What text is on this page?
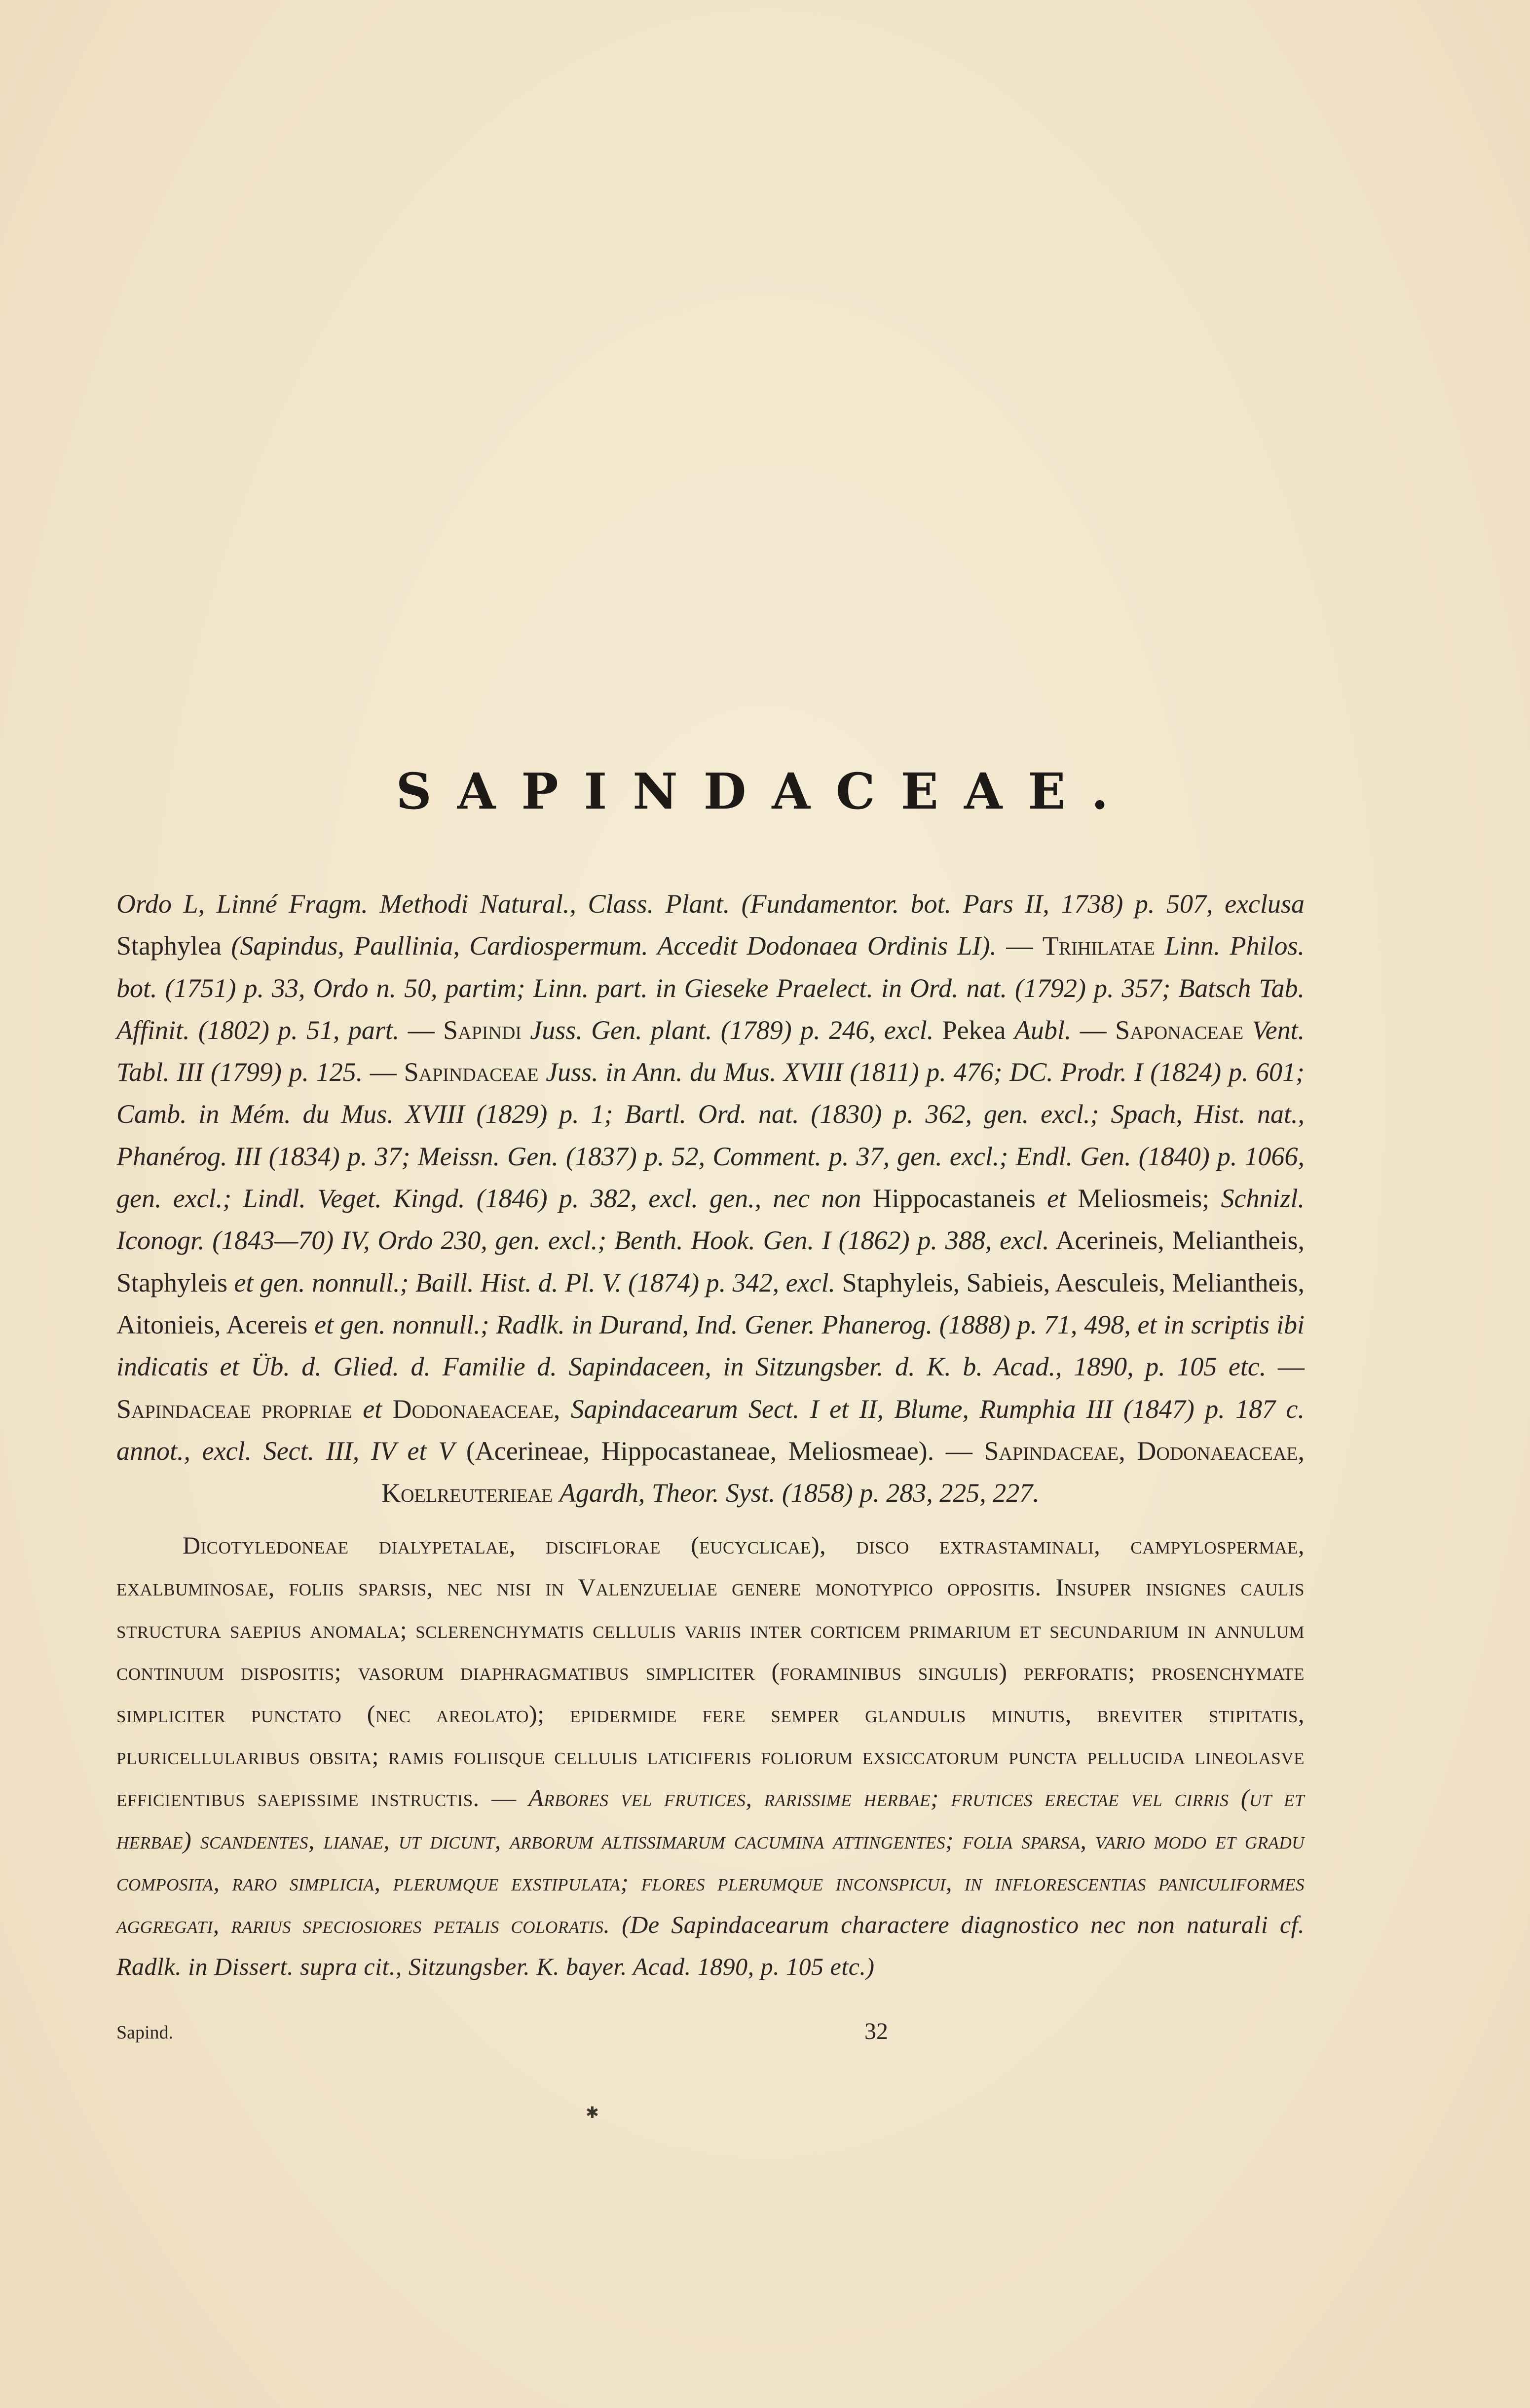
SAPINDACEAE.
Ordo L, Linné Fragm. Methodi Natural., Class. Plant. (Fundamentor. bot. Pars II, 1738) p. 507, exclusa Staphylea (Sapindus, Paullinia, Cardiospermum. Accedit Dodonaea Ordinis LI). — Trihilatae Linn. Philos. bot. (1751) p. 33, Ordo n. 50, partim; Linn. part. in Gieseke Praelect. in Ord. nat. (1792) p. 357; Batsch Tab. Affinit. (1802) p. 51, part. — Sapindi Juss. Gen. plant. (1789) p. 246, excl. Pekea Aubl. — Saponaceae Vent. Tabl. III (1799) p. 125. — Sapindaceae Juss. in Ann. du Mus. XVIII (1811) p. 476; DC. Prodr. I (1824) p. 601; Camb. in Mém. du Mus. XVIII (1829) p. 1; Bartl. Ord. nat. (1830) p. 362, gen. excl.; Spach, Hist. nat., Phanérog. III (1834) p. 37; Meissn. Gen. (1837) p. 52, Comment. p. 37, gen. excl.; Endl. Gen. (1840) p. 1066, gen. excl.; Lindl. Veget. Kingd. (1846) p. 382, excl. gen., nec non Hippocastaneis et Meliosmeis; Schnizl. Iconogr. (1843—70) IV, Ordo 230, gen. excl.; Benth. Hook. Gen. I (1862) p. 388, excl. Acerineis, Meliantheis, Staphyleis et gen. nonnull.; Baill. Hist. d. Pl. V. (1874) p. 342, excl. Staphyleis, Sabieis, Aesculeis, Meliantheis, Aitonieis, Acereis et gen. nonnull.; Radlk. in Durand, Ind. Gener. Phanerog. (1888) p. 71, 498, et in scriptis ibi indicatis et Üb. d. Glied. d. Familie d. Sapindaceen, in Sitzungsber. d. K. b. Acad., 1890, p. 105 etc. — Sapindaceae propriae et Dodonaeaceae, Sapindacearum Sect. I et II, Blume, Rumphia III (1847) p. 187 c. annot., excl. Sect. III, IV et V (Acerineae, Hippocastaneae, Meliosmeae). — Sapindaceae, Dodonaeaceae, Koelreuterieae Agardh, Theor. Syst. (1858) p. 283, 225, 227.
Dicotyledoneae dialypetalae, disciflorae (eucyclicae), disco extrastaminali, campylospermae, exalbuminosae, foliis sparsis, nec nisi in Valenzueliae genere monotypico oppositis. Insuper insignes caulis structura saepius anomala; sclerenchymatis cellulis variis inter corticem primarium et secundarium in annulum continuum dispositis; vasorum diaphragmatibus simpliciter (foraminibus singulis) perforatis; prosenchymate simpliciter punctato (nec areolato); epidermide fere semper glandulis minutis, breviter stipitatis, pluricellularibus obsita; ramis foliisque cellulis laticiferis foliorum exsiccatorum puncta pellucida lineolasve efficientibus saepissime instructis. — Arbores vel frutices, rarissime herbae; frutices erectae vel cirris (ut et herbae) scandentes, lianae, ut dicunt, arborum altissimarum cacumina attingentes; folia sparsa, vario modo et gradu composita, raro simplicia, plerumque exstipulata; flores plerumque inconspicui, in inflorescentias paniculiformes aggregati, rarius speciosiores petalis coloratis. (De Sapindacearum charactere diagnostico nec non naturali cf. Radlk. in Dissert. supra cit., Sitzungsber. K. bayer. Acad. 1890, p. 105 etc.)
Sapind.	32
✱
